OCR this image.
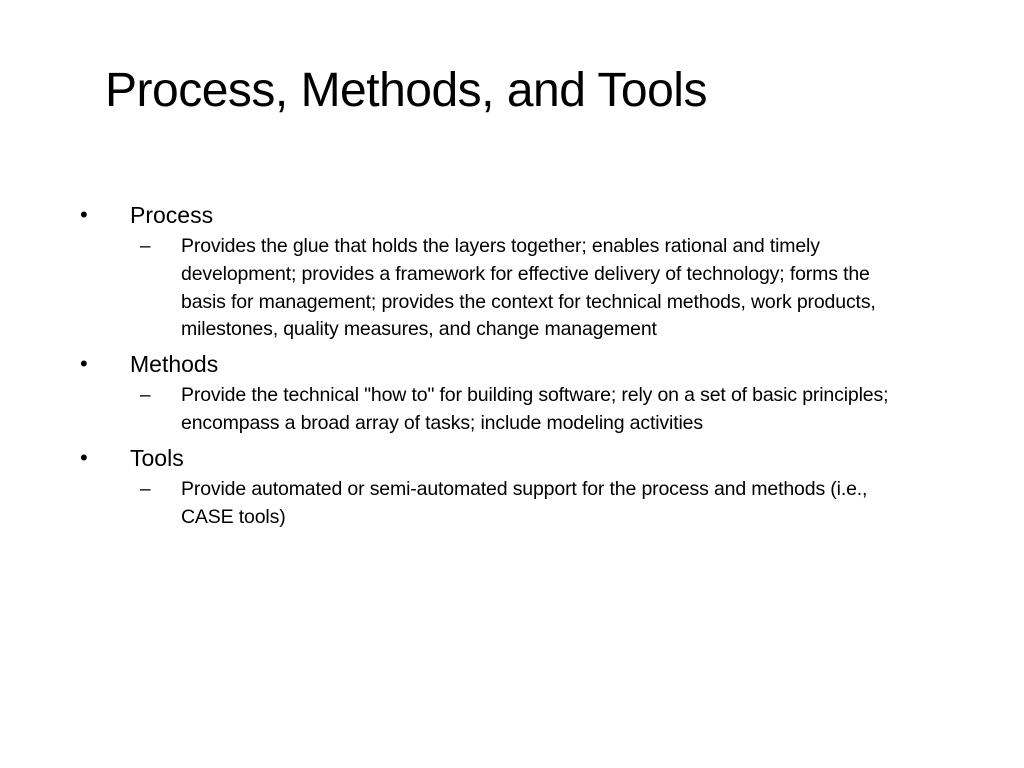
Process, Methods, and Tools
• Process
– Provides the glue that holds the layers together; enables rational and timely development; provides a framework for effective delivery of technology; forms the basis for management; provides the context for technical methods, work products, milestones, quality measures, and change management
• Methods
– Provide the technical "how to" for building software; rely on a set of basic principles; encompass a broad array of tasks; include modeling activities
• Tools
– Provide automated or semi-automated support for the process and methods (i.e., CASE tools)
